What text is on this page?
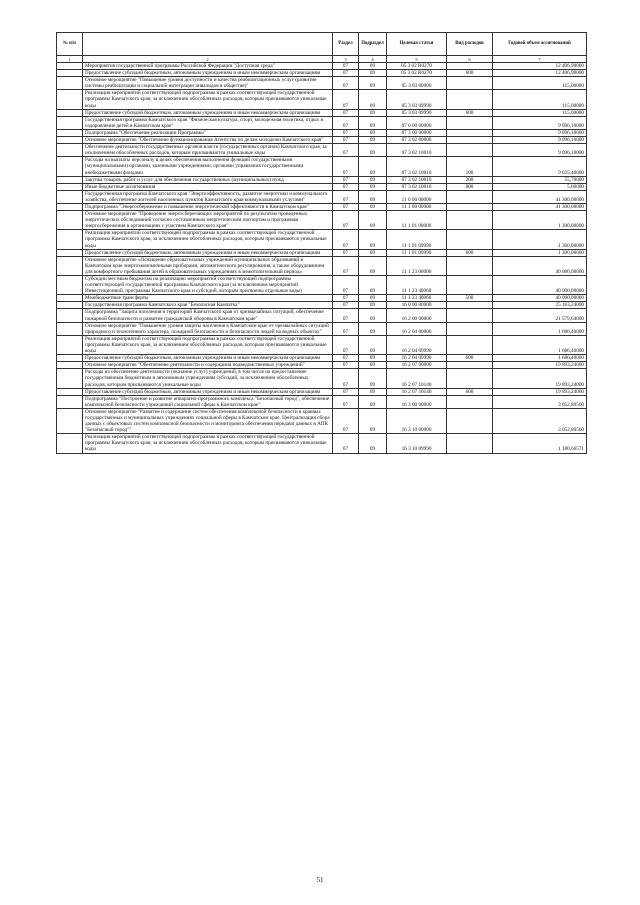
№ п/п		Раздел	Подраздел	Целевая статья	Вид расходов	Годовой объем ассигнований
1	2	3	4	5	6	7
	Мероприятия государственной программы Российской Федерации "Доступная среда"	07	09	05 3 02 R0270		12 406,90000
	Предоставление субсидий бюджетным, автономным учреждениям и иным некоммерческим организациям	07	09	05 3 02 R0270	600	12 406,90000
	Основное мероприятие "Повышение уровня доступности и качества реабилитационных услуг (развитие системы реабилитации и социальной интеграции инвалидов в обществе)"	07	09	05 3 03 00000		115,00000
	Реализация мероприятий соответствующей подпрограммы в рамках соответствующей государственной программы Камчатского края, за исключением обособленных расходов, которым присваиваются уникальные коды	07	09	05 3 03 09990		115,00000
	Предоставление субсидий бюджетным, автономным учреждениям и иным некоммерческим организациям	07	09	05 3 03 09990	600	115,00000
	Государственная программа Камчатского края "Физическая культура, спорт, молодежная политика, отдых и оздоровление детей в Камчатском крае"	07	09	07 0 00 00000		9 096,10000
	Подпрограмма "Обеспечение реализации Программы"	07	09	07 3 00 00000		9 096,10000
	Основное мероприятие "Обеспечение функционирования Агентства по делам молодежи Камчатского края"	07	09	07 3 02 00000		9 096,10000
	Обеспечение деятельности государственных органов власти (государственных органов) Камчатского края, за исключением обособленных расходов, которым присваиваются уникальные коды	07	09	07 3 02 10010		9 096,10000
	Расходы на выплаты персоналу в целях обеспечения выполнения функций государственными (муниципальными) органами, казенными учреждениями, органами управления государственными внебюджетными фондами	07	09	07 3 02 10010	100	9 035,40000
	Закупка товаров, работ и услуг для обеспечения государственных (муниципальных) нужд	07	09	07 3 02 10010	200	55,70000
	Иные бюджетные ассигнования	07	09	07 3 02 10010	800	5,00000
	Государственная программа Камчатского края "Энергоэффективность, развитие энергетики и коммунального хозяйства, обеспечение жителей населенных пунктов Камчатского края коммунальными услугами"	07	09	11 0 00 00000		41 300,00000
	Подпрограмма "Энергосбережение и повышение энергетической эффективности в Камчатском крае"	07	09	11 1 00 00000		41 300,00000
	Основное мероприятие "Проведение энергосберегающих мероприятий по результатам проведенных энергетических обследований согласно составленным энергетическим паспортам и программам энергосбережения в организациях с участием Камчатского края"	07	09	11 1 01 00000		1 300,00000
	Реализация мероприятий соответствующей подпрограммы в рамках соответствующей государственной программы Камчатского края, за исключением обособленных расходов, которым присваиваются уникальные коды	07	09	11 1 01 09990		1 300,00000
	Предоставление субсидий бюджетным, автономным учреждениям и иным некоммерческим организациям	07	09	11 1 01 09990	600	1 300,00000
	Основное мероприятие «Оснащение образовательных учреждений муниципальных образований в Камчатском крае энергоэкономичными приборами, автоматического регулирования, а также оборудованием для комфортного пребывания детей в образовательных учреждениях в межотопительный период»	07	09	11 1 23 00000		40 000,00000
	Субсидии местным бюджетам на реализацию мероприятий соответствующей подпрограммы соответствующей государственной программы Камчатского края (за исключением мероприятий Инвестиционной, программы Камчатского края и субсидий, которым присвоены отдельные коды)	07	09	11 1 23 40060		40 000,00000
	Межбюджетные трансферты	07	09	11 1 23 40060	500	40 000,00000
	Государственная программа Камчатского края "Безопасная Камчатка"	07	09	16 0 00 00000		25 163,24000
	Подпрограмма "Защита населения и территорий Камчатского края от чрезвычайных ситуаций, обеспечение пожарной безопасности и развитие гражданской обороны в Камчатском крае"	07	09	16 2 00 00000		21 579,64000
	Основное мероприятие "Повышение уровня защиты населения в Камчатском крае от чрезвычайных ситуаций природного и техногенного характера, пожарной безопасности и безопасности людей на водных объектах"	07	09	16 2 04 00000		1 686,40000
	Реализация мероприятий соответствующей подпрограммы в рамках соответствующей государственной программы Камчатского края, за исключением обособленных расходов, которым присваиваются уникальные коды	07	09	16 2 04 09990		1 686,40000
	Предоставление субсидий бюджетным, автономным учреждениям и иным некоммерческим организациям	07	09	16 2 04 09990	600	1 686,40000
	Основное мероприятие "Обеспечение деятельности и содержания подведомственных учреждений"	07	09	16 2 07 00000		19 893,24000
	Расходы на обеспечение деятельности (оказание услуг) учреждений, в том числе на предоставление государственным бюджетным и автономным учреждениям субсидий, за исключением обособленных расходов, которым присваиваются уникальные коды	07	09	16 2 07 10140		19 893,24000
	Предоставление субсидий бюджетным, автономным учреждениям и иным некоммерческим организациям	07	09	16 2 07 10140	600	19 893,24000
	Подпрограмма "Построение и развитие аппаратно-программного комплекса "Безопасный город", обеспечение комплексной безопасности учреждений социальной сферы в Камчатском крае"	07	09	16 3 00 00000		3 052,80560
	Основное мероприятие "Развитие и содержание систем обеспечения комплексной безопасности в краевых государственных и муниципальных учреждениях социальной сферы в Камчатском крае. Централизация сбора данных с объектовых систем комплексной безопасности и мониторинга обеспечения передачи данных в АПК "Безопасный город""	07	09	16 3 10 00000		3 052,80560
	Реализация мероприятий соответствующей подпрограммы в рамках соответствующей государственной программы Камчатского края, за исключением обособленных расходов, которым присваиваются уникальные коды	07	09	16 3 10 09990		1 180,66571
51
